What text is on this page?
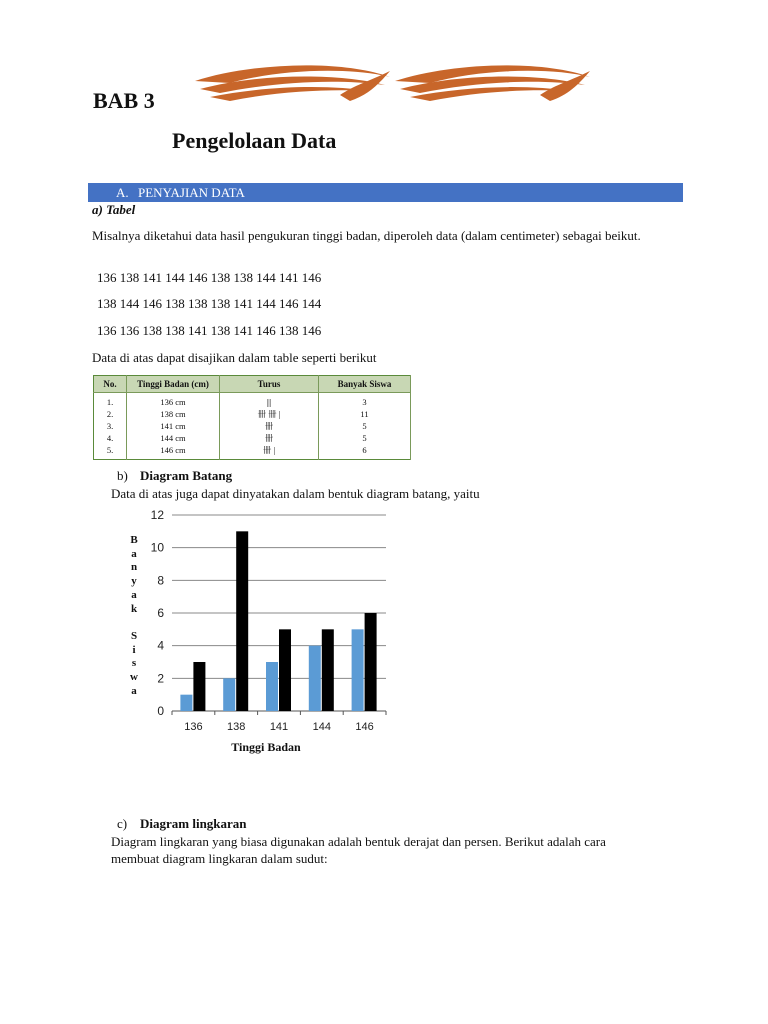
BAB 3
Pengelolaan Data
A. PENYAJIAN DATA
a) Tabel
Misalnya diketahui data hasil pengukuran tinggi badan, diperoleh data (dalam centimeter) sebagai beikut.
136 138 141 144 146 138 138 144 141 146
138 144 146 138 138 138 141 144 146 144
136 136 138 138 141 138 141 146 138 146
Data di atas dapat disajikan dalam table seperti berikut
No.	Tinggi Badan (cm)	Turus	Banyak Siswa
1.	136 cm	|||	3
2.	138 cm	卌 卌 |	11
3.	141 cm	卌	5
4.	144 cm	卌	5
5.	146 cm	卌 |	6
b) Diagram Batang
Data di atas juga dapat dinyatakan dalam bentuk diagram batang, yaitu
0
2
4
6
8
10
12
136 138 141 144 146
Tinggi Badan
B
a
n
y
a
k

S
i
s
w
a
c) Diagram lingkaran
Diagram lingkaran yang biasa digunakan adalah bentuk derajat dan persen. Berikut adalah cara
membuat diagram lingkaran dalam sudut:
